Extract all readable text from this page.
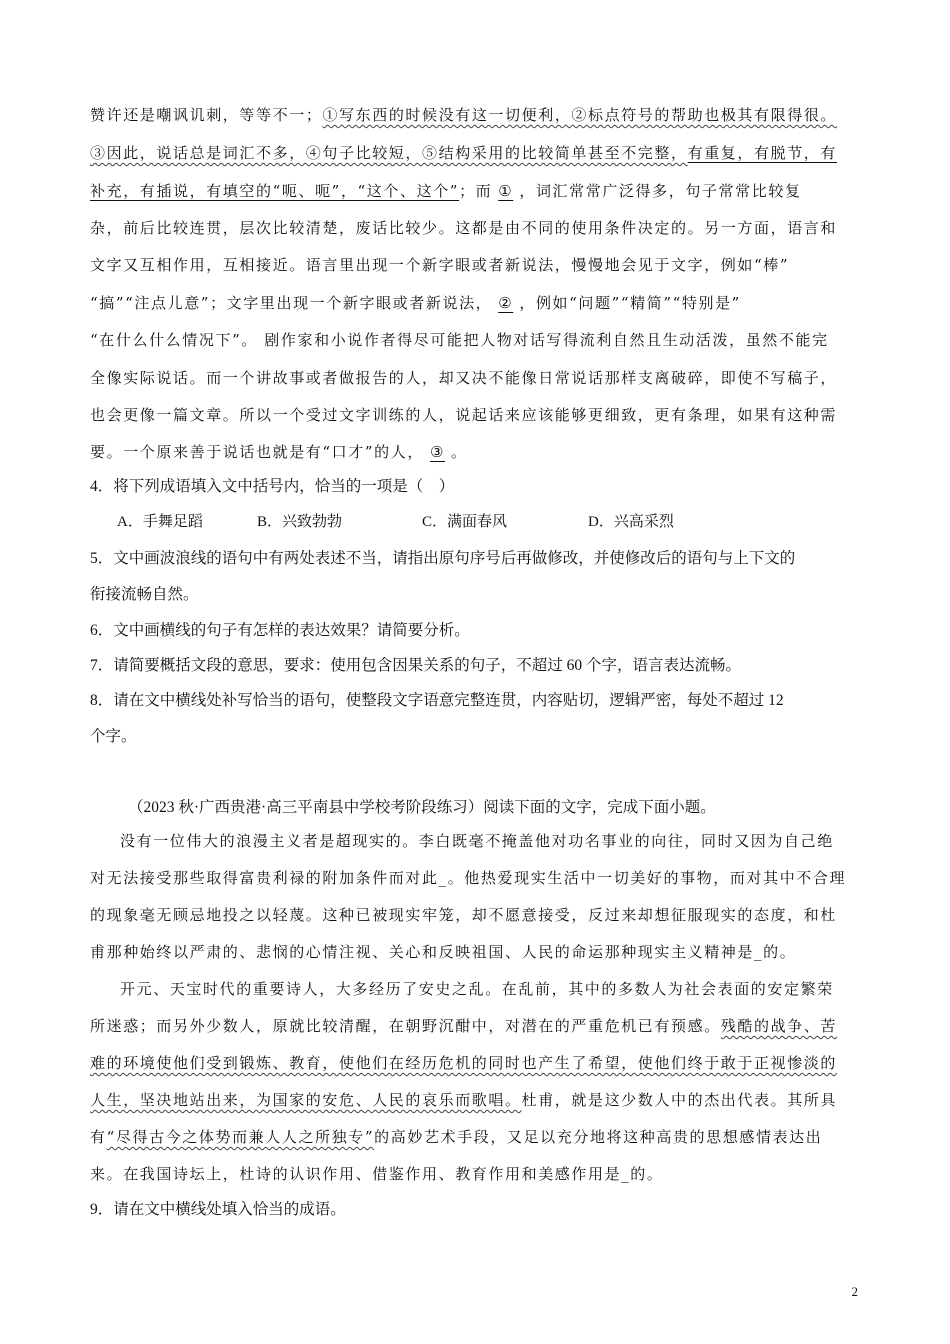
赞许还是嘲讽讥刺，等等不一；①写东西的时候没有这一切便利，②标点符号的帮助也极其有限得很。
③因此，说话总是词汇不多，④句子比较短，⑤结构采用的比较简单甚至不完整，有重复，有脱节，有
补充，有插说，有填空的“呃、呃”，“这个、这个”；而 ① ，词汇常常广泛得多，句子常常比较复
杂，前后比较连贯，层次比较清楚，废话比较少。这都是由不同的使用条件决定的。另一方面，语言和
文字又互相作用，互相接近。语言里出现一个新字眼或者新说法，慢慢地会见于文字，例如“棒”
“搞”“注点儿意”；文字里出现一个新字眼或者新说法， ② ，例如“问题”“精简”“特别是”
“在什么什么情况下”。 剧作家和小说作者得尽可能把人物对话写得流利自然且生动活泼，虽然不能完
全像实际说话。而一个讲故事或者做报告的人，却又决不能像日常说话那样支离破碎，即使不写稿子，
也会更像一篇文章。所以一个受过文字训练的人，说起话来应该能够更细致，更有条理，如果有这种需
要。一个原来善于说话也就是有“口才”的人， ③ 。
4．将下列成语填入文中括号内，恰当的一项是（　）
A．手舞足蹈	B．兴致勃勃	C．满面春风	D．兴高采烈
5．文中画波浪线的语句中有两处表述不当，请指出原句序号后再做修改，并使修改后的语句与上下文的
衔接流畅自然。
6．文中画横线的句子有怎样的表达效果？请简要分析。
7．请简要概括文段的意思，要求：使用包含因果关系的句子，不超过 60 个字，语言表达流畅。
8．请在文中横线处补写恰当的语句，使整段文字语意完整连贯，内容贴切，逻辑严密，每处不超过 12
个字。
（2023 秋·广西贵港·高三平南县中学校考阶段练习）阅读下面的文字，完成下面小题。
没有一位伟大的浪漫主义者是超现实的。李白既毫不掩盖他对功名事业的向往，同时又因为自己绝
对无法接受那些取得富贵利禄的附加条件而对此_。他热爱现实生活中一切美好的事物，而对其中不合理
的现象毫无顾忌地投之以轻蔑。这种已被现实牢笼，却不愿意接受，反过来却想征服现实的态度，和杜
甫那种始终以严肃的、悲悯的心情注视、关心和反映祖国、人民的命运那种现实主义精神是_的。
开元、天宝时代的重要诗人，大多经历了安史之乱。在乱前，其中的多数人为社会表面的安定繁荣
所迷惑；而另外少数人，原就比较清醒，在朝野沉酣中，对潜在的严重危机已有预感。残酷的战争、苦
难的环境使他们受到锻炼、教育，使他们在经历危机的同时也产生了希望，使他们终于敢于正视惨淡的
人生，坚决地站出来，为国家的安危、人民的哀乐而歌唱。杜甫，就是这少数人中的杰出代表。其所具
有“尽得古今之体势而兼人人之所独专”的高妙艺术手段，又足以充分地将这种高贵的思想感情表达出
来。在我国诗坛上，杜诗的认识作用、借鉴作用、教育作用和美感作用是_的。
9．请在文中横线处填入恰当的成语。
2
